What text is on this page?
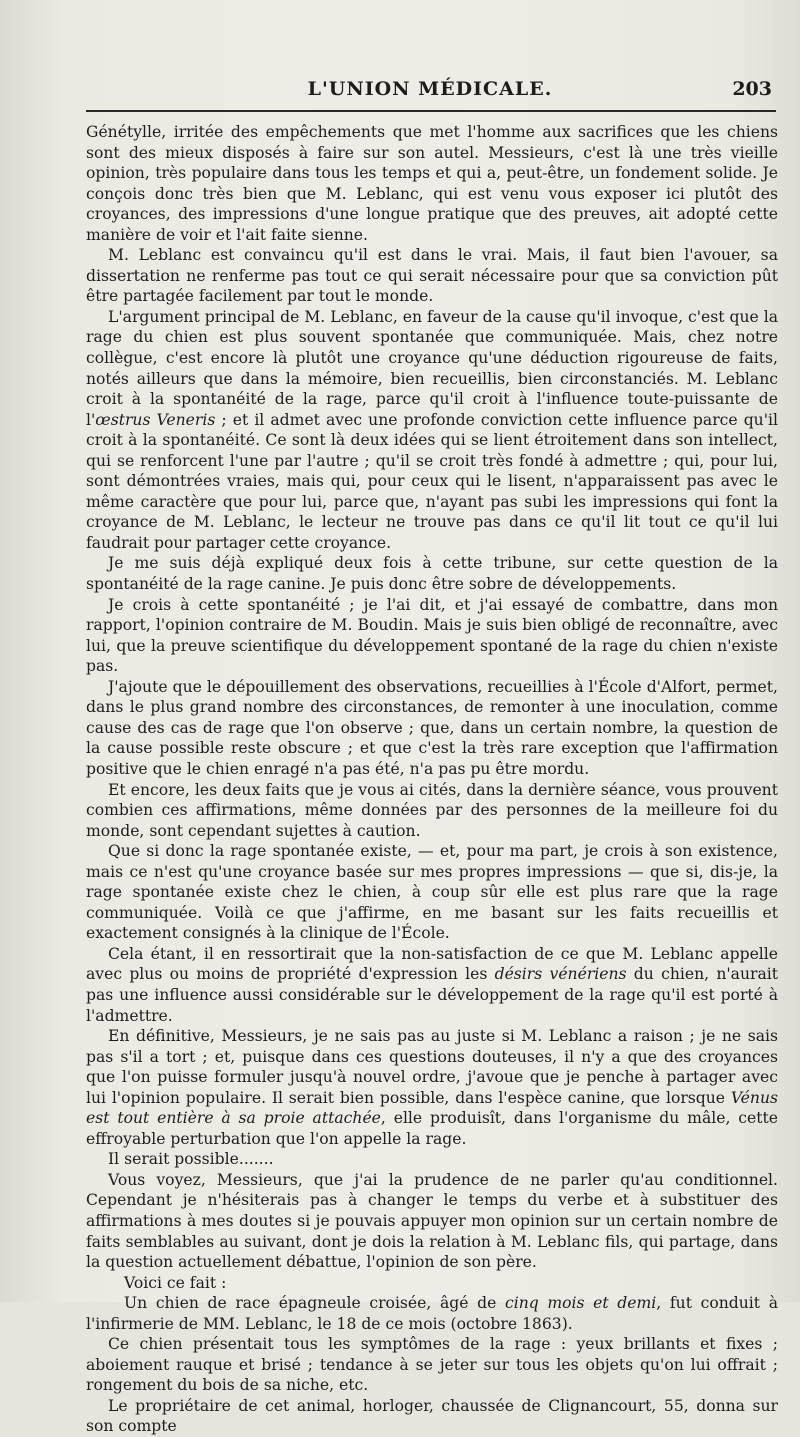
L'UNION MÉDICALE.	203

Génétylle, irritée des empêchements que met l'homme aux sacrifices que les chiens sont des mieux disposés à faire sur son autel. Messieurs, c'est là une très vieille opinion, très populaire dans tous les temps et qui a, peut-être, un fondement solide. Je conçois donc très bien que M. Leblanc, qui est venu vous exposer ici plutôt des croyances, des impressions d'une longue pratique que des preuves, ait adopté cette manière de voir et l'ait faite sienne.

M. Leblanc est convaincu qu'il est dans le vrai. Mais, il faut bien l'avouer, sa dissertation ne renferme pas tout ce qui serait nécessaire pour que sa conviction pût être partagée facilement par tout le monde.

L'argument principal de M. Leblanc, en faveur de la cause qu'il invoque, c'est que la rage du chien est plus souvent spontanée que communiquée. Mais, chez notre collègue, c'est encore là plutôt une croyance qu'une déduction rigoureuse de faits, notés ailleurs que dans la mémoire, bien recueillis, bien circonstanciés. M. Leblanc croit à la spontanéité de la rage, parce qu'il croit à l'influence toute-puissante de l'œstrus Veneris ; et il admet avec une profonde conviction cette influence parce qu'il croit à la spontanéité. Ce sont là deux idées qui se lient étroitement dans son intellect, qui se renforcent l'une par l'autre ; qu'il se croit très fondé à admettre ; qui, pour lui, sont démontrées vraies, mais qui, pour ceux qui le lisent, n'apparaissent pas avec le même caractère que pour lui, parce que, n'ayant pas subi les impressions qui font la croyance de M. Leblanc, le lecteur ne trouve pas dans ce qu'il lit tout ce qu'il lui faudrait pour partager cette croyance.

Je me suis déjà expliqué deux fois à cette tribune, sur cette question de la spontanéité de la rage canine. Je puis donc être sobre de développements.

Je crois à cette spontanéité ; je l'ai dit, et j'ai essayé de combattre, dans mon rapport, l'opinion contraire de M. Boudin. Mais je suis bien obligé de reconnaître, avec lui, que la preuve scientifique du développement spontané de la rage du chien n'existe pas.

J'ajoute que le dépouillement des observations, recueillies à l'École d'Alfort, permet, dans le plus grand nombre des circonstances, de remonter à une inoculation, comme cause des cas de rage que l'on observe ; que, dans un certain nombre, la question de la cause possible reste obscure ; et que c'est la très rare exception que l'affirmation positive que le chien enragé n'a pas été, n'a pas pu être mordu.

Et encore, les deux faits que je vous ai cités, dans la dernière séance, vous prouvent combien ces affirmations, même données par des personnes de la meilleure foi du monde, sont cependant sujettes à caution.

Que si donc la rage spontanée existe, — et, pour ma part, je crois à son existence, mais ce n'est qu'une croyance basée sur mes propres impressions — que si, dis-je, la rage spontanée existe chez le chien, à coup sûr elle est plus rare que la rage communiquée. Voilà ce que j'affirme, en me basant sur les faits recueillis et exactement consignés à la clinique de l'École.

Cela étant, il en ressortirait que la non-satisfaction de ce que M. Leblanc appelle avec plus ou moins de propriété d'expression les désirs vénériens du chien, n'aurait pas une influence aussi considérable sur le développement de la rage qu'il est porté à l'admettre.

En définitive, Messieurs, je ne sais pas au juste si M. Leblanc a raison ; je ne sais pas s'il a tort ; et, puisque dans ces questions douteuses, il n'y a que des croyances que l'on puisse formuler jusqu'à nouvel ordre, j'avoue que je penche à partager avec lui l'opinion populaire. Il serait bien possible, dans l'espèce canine, que lorsque Vénus est tout entière à sa proie attachée, elle produisît, dans l'organisme du mâle, cette effroyable perturbation que l'on appelle la rage.

Il serait possible.......

Vous voyez, Messieurs, que j'ai la prudence de ne parler qu'au conditionnel. Cependant je n'hésiterais pas à changer le temps du verbe et à substituer des affirmations à mes doutes si je pouvais appuyer mon opinion sur un certain nombre de faits semblables au suivant, dont je dois la relation à M. Leblanc fils, qui partage, dans la question actuellement débattue, l'opinion de son père.

Voici ce fait :

Un chien de race épagneule croisée, âgé de cinq mois et demi, fut conduit à l'infirmerie de MM. Leblanc, le 18 de ce mois (octobre 1863).

Ce chien présentait tous les symptômes de la rage : yeux brillants et fixes ; aboiement rauque et brisé ; tendance à se jeter sur tous les objets qu'on lui offrait ; rongement du bois de sa niche, etc.

Le propriétaire de cet animal, horloger, chaussée de Clignancourt, 55, donna sur son compte
